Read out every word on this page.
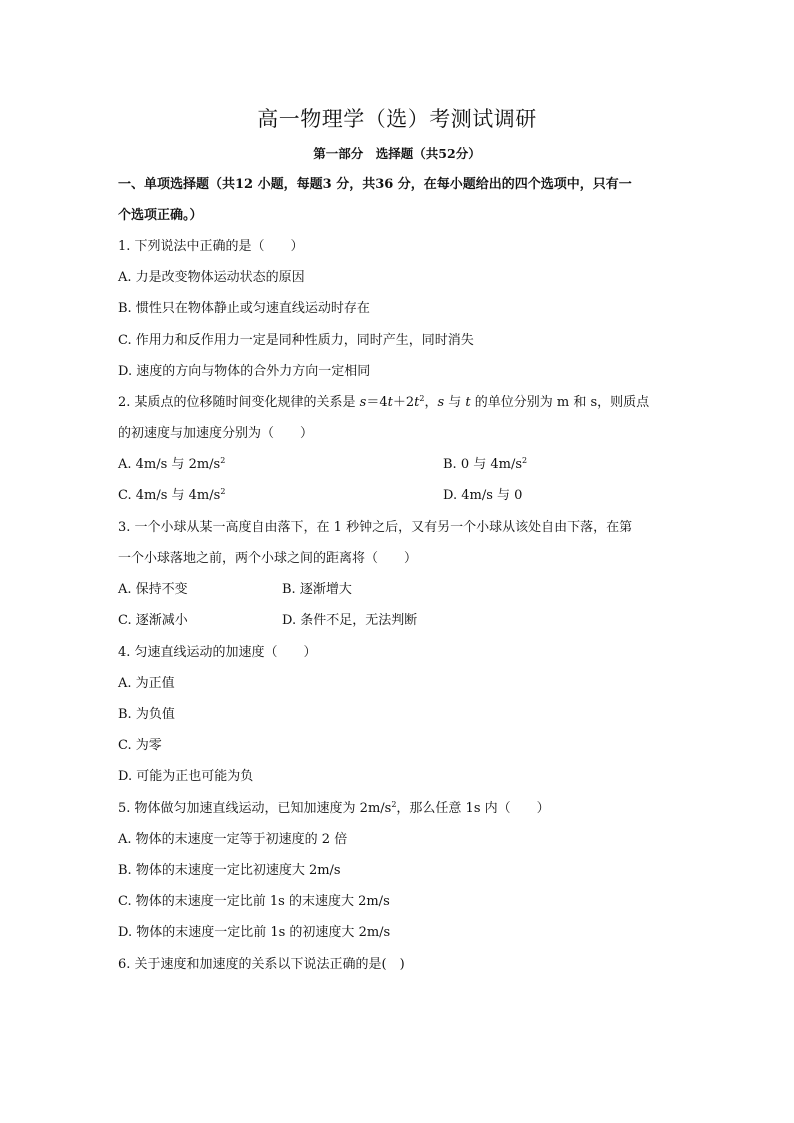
高一物理学（选）考测试调研
第一部分　选择题（共52分）
一、单项选择题（共12 小题，每题3 分，共36 分，在每小题给出的四个选项中，只有一
个选项正确。）
1. 下列说法中正确的是（　　）
A. 力是改变物体运动状态的原因
B. 惯性只在物体静止或匀速直线运动时存在
C. 作用力和反作用力一定是同种性质力，同时产生，同时消失
D. 速度的方向与物体的合外力方向一定相同
2. 某质点的位移随时间变化规律的关系是 $s=4t+2t^2$，s 与 t 的单位分别为 m 和 s，则质点
的初速度与加速度分别为（　　）
A. 4m/s 与 $2m/s^2$	B. 0 与 $4m/s^2$
C. 4m/s 与 $4m/s^2$	D. 4m/s 与 0
3. 一个小球从某一高度自由落下，在 1 秒钟之后，又有另一个小球从该处自由下落，在第
一个小球落地之前，两个小球之间的距离将（　　）
A. 保持不变	B. 逐渐增大
C. 逐渐减小	D. 条件不足，无法判断
4. 匀速直线运动的加速度（　　）
A. 为正值
B. 为负值
C. 为零
D. 可能为正也可能为负
5. 物体做匀加速直线运动，已知加速度为 $2m/s^2$，那么任意 1s 内（　　）
A. 物体的末速度一定等于初速度的 2 倍
B. 物体的末速度一定比初速度大 2m/s
C. 物体的末速度一定比前 1s 的末速度大 2m/s
D. 物体的末速度一定比前 1s 的初速度大 2m/s
6. 关于速度和加速度的关系以下说法正确的是(　)
